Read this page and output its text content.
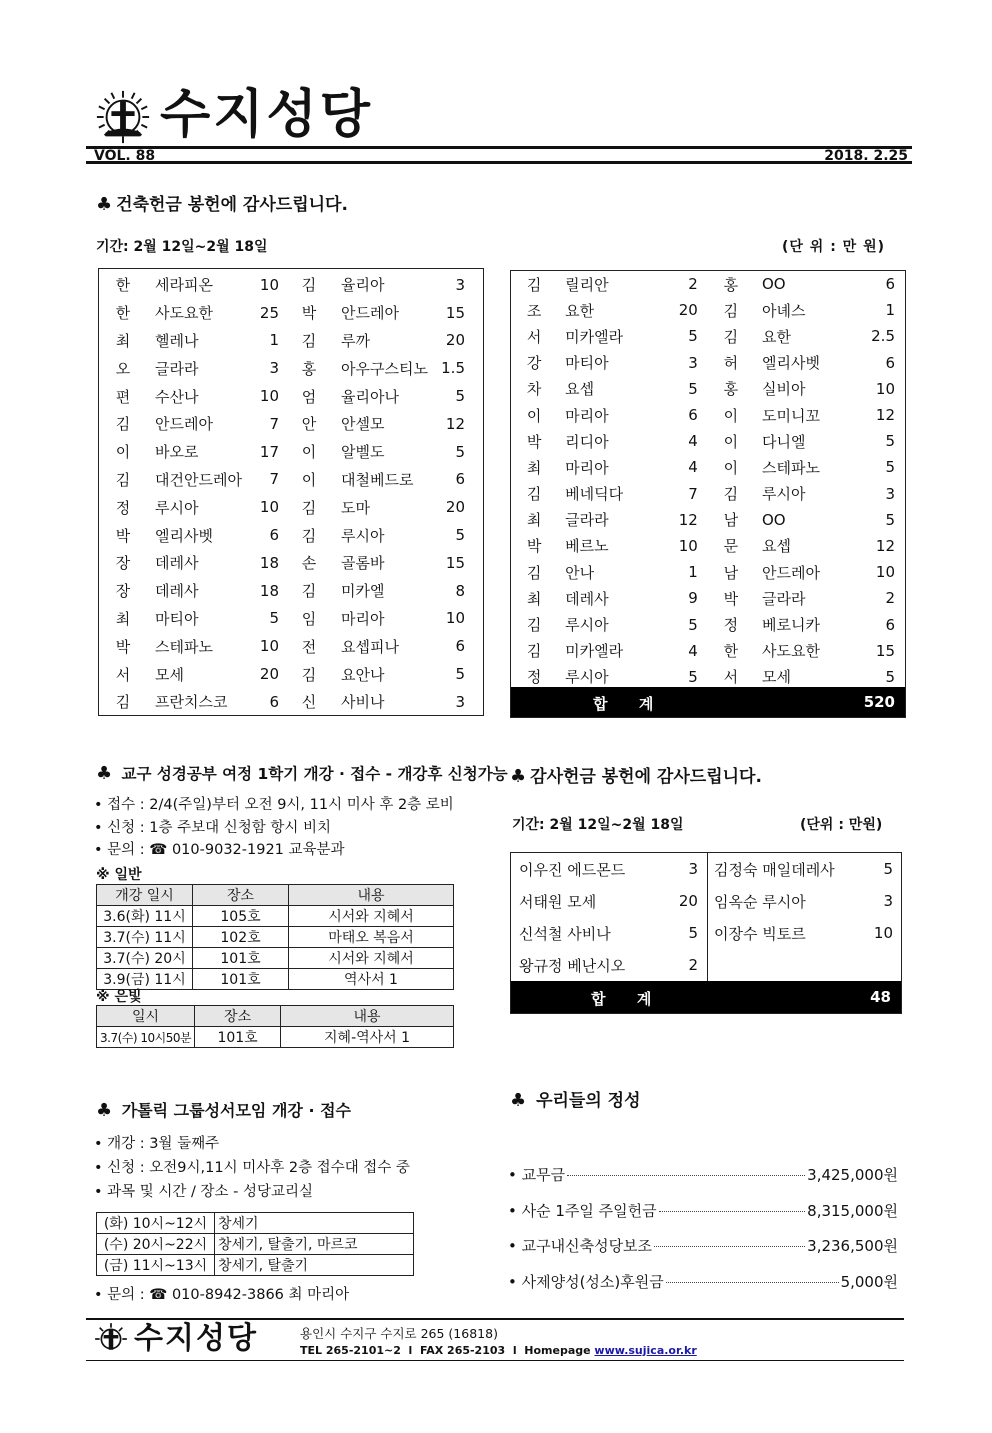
수지성당
VOL. 88	2018. 2.25
♣ 건축헌금 봉헌에 감사드립니다.
기간: 2월 12일~2월 18일	(단 위 : 만 원)
한	세라피온	10	김	율리아	3
한	사도요한	25	박	안드레아	15
최	헬레나	1	김	루까	20
오	글라라	3	홍	아우구스티노	1.5
편	수산나	10	엄	율리아나	5
김	안드레아	7	안	안셀모	12
이	바오로	17	이	알벨도	5
김	대건안드레아	7	이	대철베드로	6
정	루시아	10	김	도마	20
박	엘리사벳	6	김	루시아	5
장	데레사	18	손	골롬바	15
장	데레사	18	김	미카엘	8
최	마티아	5	임	마리아	10
박	스테파노	10	전	요셉피나	6
서	모세	20	김	요안나	5
김	프란치스코	6	신	사비나	3
김	릴리안	2	홍	OO	6
조	요한	20	김	아녜스	1
서	미카엘라	5	김	요한	2.5
강	마티아	3	허	엘리사벳	6
차	요셉	5	홍	실비아	10
이	마리아	6	이	도미니꼬	12
박	리디아	4	이	다니엘	5
최	마리아	4	이	스테파노	5
김	베네딕다	7	김	루시아	3
최	글라라	12	남	OO	5
박	베르노	10	문	요셉	12
김	안나	1	남	안드레아	10
최	데레사	9	박	글라라	2
김	루시아	5	정	베로니카	6
김	미카엘라	4	한	사도요한	15
정	루시아	5	서	모세	5
합      계	520
♣ 교구 성경공부 여정 1학기 개강 · 접수 - 개강후 신청가능
• 접수 : 2/4(주일)부터 오전 9시, 11시 미사 후 2층 로비
• 신청 : 1층 주보대 신청함 항시 비치
• 문의 : ☎ 010-9032-1921 교육분과
※ 일반
개강 일시	장소	내용
3.6(화) 11시	105호	시서와 지혜서
3.7(수) 11시	102호	마태오 복음서
3.7(수) 20시	101호	시서와 지혜서
3.9(금) 11시	101호	역사서 1
※ 은빛
일시	장소	내용
3.7(수) 10시50분	101호	지혜-역사서 1
♣ 감사헌금 봉헌에 감사드립니다.
기간: 2월 12일~2월 18일	(단위 : 만원)
이우진 에드몬드	3	김정숙 매일데레사	5
서태원 모세	20	임옥순 루시아	3
신석철 사비나	5	이장수 빅토르	10
왕규정 베난시오	2		
합      계	48
♣ 가톨릭 그룹성서모임 개강 · 접수
• 개강 : 3월 둘째주
• 신청 : 오전9시,11시 미사후 2층 접수대 접수 중
• 과목 및 시간 / 장소 - 성당교리실
(화) 10시~12시	창세기
(수) 20시~22시	창세기, 탈출기, 마르코
(금) 11시~13시	창세기, 탈출기
• 문의 : ☎ 010-8942-3866 최 마리아
♣ 우리들의 정성
• 교무금	3,425,000원
• 사순 1주일 주일헌금	8,315,000원
• 교구내신축성당보조	3,236,500원
• 사제양성(성소)후원금	5,000원
수지성당	용인시 수지구 수지로 265 (16818)
TEL 265-2101~2  l  FAX 265-2103  l  Homepage www.sujica.or.kr
